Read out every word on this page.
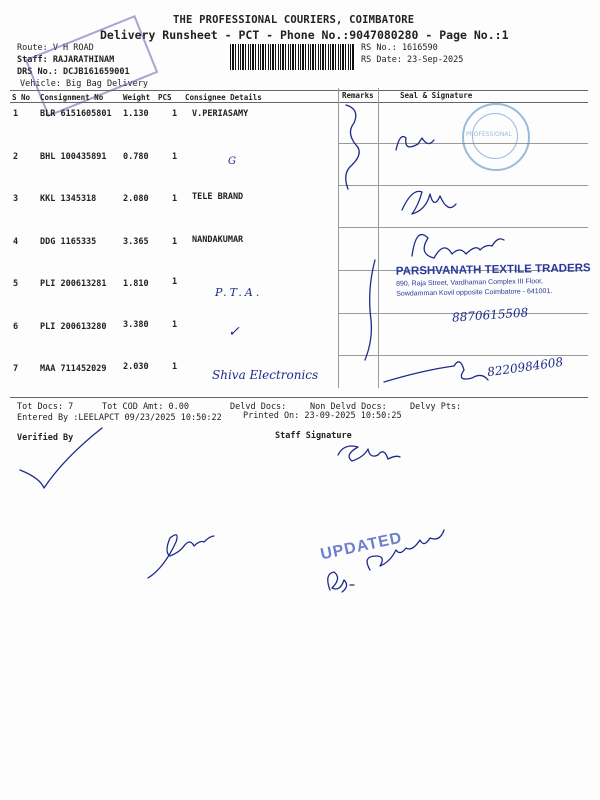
THE PROFESSIONAL COURIERS, COIMBATORE
Delivery Runsheet - PCT - Phone No.:9047080280 - Page No.:1
Route: V H ROAD
Staff: RAJARATHINAM
DRS No.: DCJB161659001
Vehicle: Big Bag Delivery
RS No.: 1616590
RS Date: 23-Sep-2025
S No Consignment No	Weight PCS Consignee Details	Remarks	Seal & Signature
1	BLR 6151605801 1.130	1 V.PERIASAMY
2	BHL 100435891 0.780	1	G
3	KKL 1345318	2.080	1 TELE BRAND
4	DDG 1165335	3.365	1 NANDAKUMAR
5	PLI 200613281 1.810	1
P.T.A.
6	PLI 200613280 3.380	1	✓
7	MAA 711452029 2.030	1
Shiva Electronics
PROFESSIONAL
PARSHVANATH TEXTILE TRADERS
890, Raja Street, Vardhaman Complex III Floor,
Sowdamman Kovil opposite Coimbatore - 641001.
8870615508
8220984608
UPDATED
Tot Docs: 7	Tot COD Amt: 0.00	Delvd Docs:	Non Delvd Docs:	Delvy Pts:
Entered By :LEELAPCT 09/23/2025 10:50:22	Printed On: 23-09-2025 10:50:25
Verified By	Staff Signature
